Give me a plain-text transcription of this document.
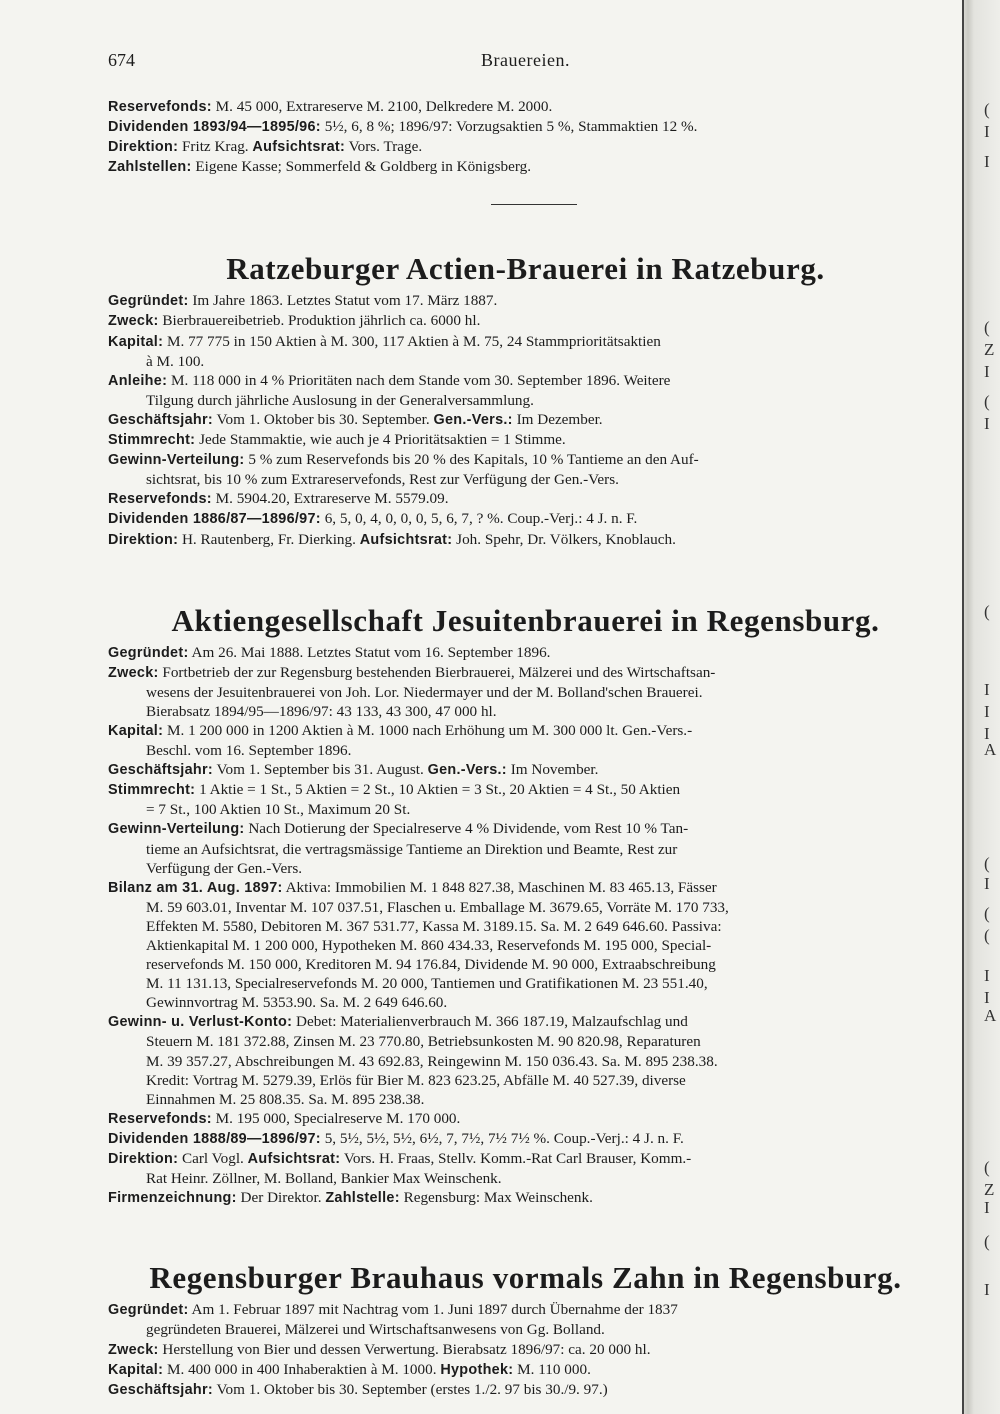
674	Brauereien.

Reservefonds: M. 45 000, Extrareserve M. 2100, Delkredere M. 2000.

Dividenden 1893/94—1895/96: 5½, 6, 8 %; 1896/97: Vorzugsaktien 5 %, Stammaktien 12 %.

Direktion: Fritz Krag. Aufsichtsrat: Vors. Trage.

Zahlstellen: Eigene Kasse; Sommerfeld & Goldberg in Königsberg.

Ratzeburger Actien-Brauerei in Ratzeburg.

Gegründet: Im Jahre 1863. Letztes Statut vom 17. März 1887.

Zweck: Bierbrauereibetrieb. Produktion jährlich ca. 6000 hl.

Kapital: M. 77 775 in 150 Aktien à M. 300, 117 Aktien à M. 75, 24 Stammprioritätsaktien
à M. 100.

Anleihe: M. 118 000 in 4 % Prioritäten nach dem Stande vom 30. September 1896. Weitere
Tilgung durch jährliche Auslosung in der Generalversammlung.

Geschäftsjahr: Vom 1. Oktober bis 30. September. Gen.-Vers.: Im Dezember.

Stimmrecht: Jede Stammaktie, wie auch je 4 Prioritätsaktien = 1 Stimme.

Gewinn-Verteilung: 5 % zum Reservefonds bis 20 % des Kapitals, 10 % Tantieme an den Auf-
sichtsrat, bis 10 % zum Extrareservefonds, Rest zur Verfügung der Gen.-Vers.

Reservefonds: M. 5904.20, Extrareserve M. 5579.09.

Dividenden 1886/87—1896/97: 6, 5, 0, 4, 0, 0, 0, 5, 6, 7, ? %. Coup.-Verj.: 4 J. n. F.

Direktion: H. Rautenberg, Fr. Dierking. Aufsichtsrat: Joh. Spehr, Dr. Völkers, Knoblauch.

Aktiengesellschaft Jesuitenbrauerei in Regensburg.

Gegründet: Am 26. Mai 1888. Letztes Statut vom 16. September 1896.

Zweck: Fortbetrieb der zur Regensburg bestehenden Bierbrauerei, Mälzerei und des Wirtschaftsan-
wesens der Jesuitenbrauerei von Joh. Lor. Niedermayer und der M. Bolland'schen Brauerei.
Bierabsatz 1894/95—1896/97: 43 133, 43 300, 47 000 hl.

Kapital: M. 1 200 000 in 1200 Aktien à M. 1000 nach Erhöhung um M. 300 000 lt. Gen.-Vers.-
Beschl. vom 16. September 1896.

Geschäftsjahr: Vom 1. September bis 31. August. Gen.-Vers.: Im November.

Stimmrecht: 1 Aktie = 1 St., 5 Aktien = 2 St., 10 Aktien = 3 St., 20 Aktien = 4 St., 50 Aktien
= 7 St., 100 Aktien 10 St., Maximum 20 St.

Gewinn-Verteilung: Nach Dotierung der Specialreserve 4 % Dividende, vom Rest 10 % Tan-
tieme an Aufsichtsrat, die vertragsmässige Tantieme an Direktion und Beamte, Rest zur
Verfügung der Gen.-Vers.

Bilanz am 31. Aug. 1897: Aktiva: Immobilien M. 1 848 827.38, Maschinen M. 83 465.13, Fässer
M. 59 603.01, Inventar M. 107 037.51, Flaschen u. Emballage M. 3679.65, Vorräte M. 170 733,
Effekten M. 5580, Debitoren M. 367 531.77, Kassa M. 3189.15. Sa. M. 2 649 646.60. Passiva:
Aktienkapital M. 1 200 000, Hypotheken M. 860 434.33, Reservefonds M. 195 000, Special-
reservefonds M. 150 000, Kreditoren M. 94 176.84, Dividende M. 90 000, Extraabschreibung
M. 11 131.13, Specialreservefonds M. 20 000, Tantiemen und Gratifikationen M. 23 551.40,
Gewinnvortrag M. 5353.90. Sa. M. 2 649 646.60.

Gewinn- u. Verlust-Konto: Debet: Materialienverbrauch M. 366 187.19, Malzaufschlag und
Steuern M. 181 372.88, Zinsen M. 23 770.80, Betriebsunkosten M. 90 820.98, Reparaturen
M. 39 357.27, Abschreibungen M. 43 692.83, Reingewinn M. 150 036.43. Sa. M. 895 238.38.
Kredit: Vortrag M. 5279.39, Erlös für Bier M. 823 623.25, Abfälle M. 40 527.39, diverse
Einnahmen M. 25 808.35. Sa. M. 895 238.38.

Reservefonds: M. 195 000, Specialreserve M. 170 000.

Dividenden 1888/89—1896/97: 5, 5½, 5½, 5½, 6½, 7, 7½, 7½ 7½ %. Coup.-Verj.: 4 J. n. F.

Direktion: Carl Vogl. Aufsichtsrat: Vors. H. Fraas, Stellv. Komm.-Rat Carl Brauser, Komm.-
Rat Heinr. Zöllner, M. Bolland, Bankier Max Weinschenk.

Firmenzeichnung: Der Direktor. Zahlstelle: Regensburg: Max Weinschenk.

Regensburger Brauhaus vormals Zahn in Regensburg.

Gegründet: Am 1. Februar 1897 mit Nachtrag vom 1. Juni 1897 durch Übernahme der 1837
gegründeten Brauerei, Mälzerei und Wirtschaftsanwesens von Gg. Bolland.

Zweck: Herstellung von Bier und dessen Verwertung. Bierabsatz 1896/97: ca. 20 000 hl.

Kapital: M. 400 000 in 400 Inhaberaktien à M. 1000. Hypothek: M. 110 000.

Geschäftsjahr: Vom 1. Oktober bis 30. September (erstes 1./2. 97 bis 30./9. 97.)

(
I
I
(
Z
I
(
I
(
I
I
I
A
(
I
(
(
I
I
A
(
Z
I
(
I
